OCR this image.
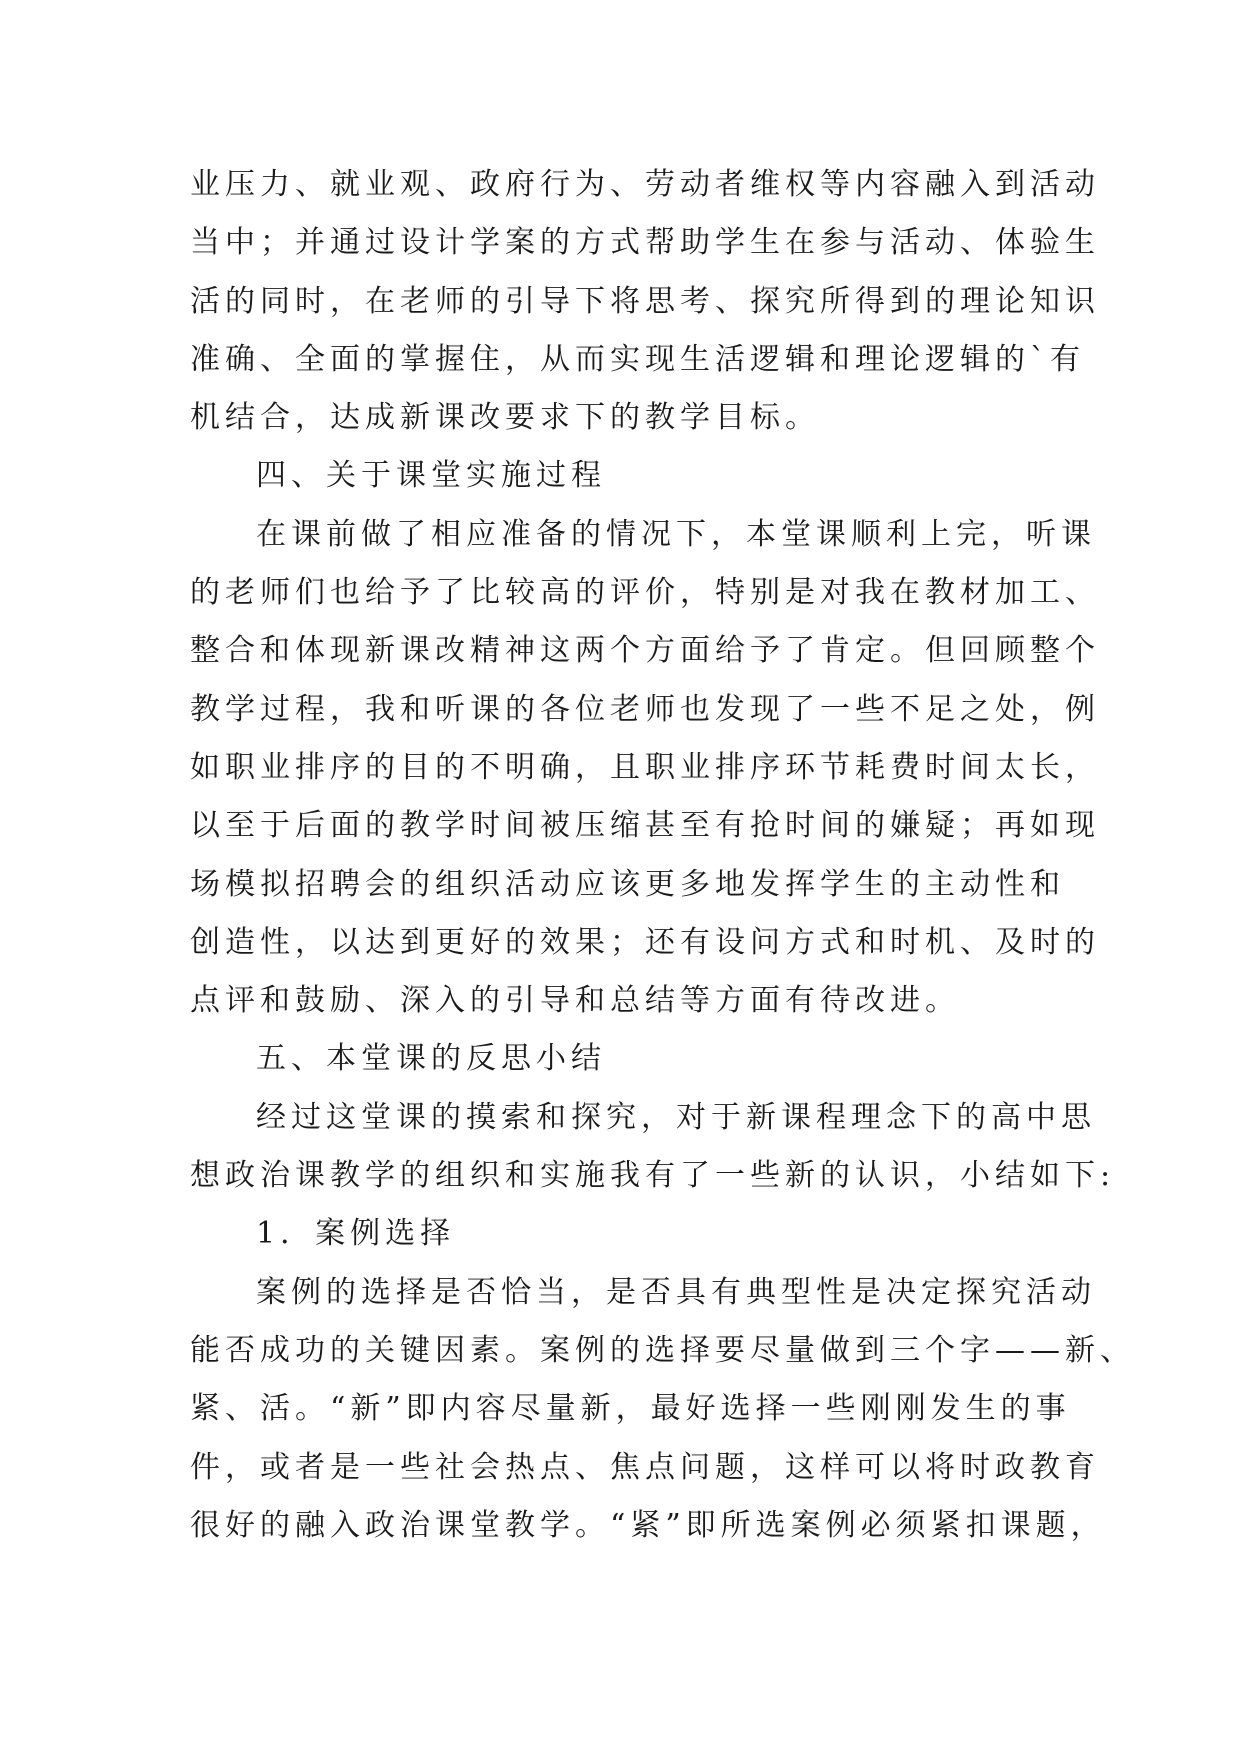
业压力、就业观、政府行为、劳动者维权等内容融入到活动
当中；并通过设计学案的方式帮助学生在参与活动、体验生
活的同时，在老师的引导下将思考、探究所得到的理论知识
准确、全面的掌握住，从而实现生活逻辑和理论逻辑的`有
机结合，达成新课改要求下的教学目标。
四、关于课堂实施过程
在课前做了相应准备的情况下，本堂课顺利上完，听课
的老师们也给予了比较高的评价，特别是对我在教材加工、
整合和体现新课改精神这两个方面给予了肯定。但回顾整个
教学过程，我和听课的各位老师也发现了一些不足之处，例
如职业排序的目的不明确，且职业排序环节耗费时间太长，
以至于后面的教学时间被压缩甚至有抢时间的嫌疑；再如现
场模拟招聘会的组织活动应该更多地发挥学生的主动性和
创造性，以达到更好的效果；还有设问方式和时机、及时的
点评和鼓励、深入的引导和总结等方面有待改进。
五、本堂课的反思小结
经过这堂课的摸索和探究，对于新课程理念下的高中思
想政治课教学的组织和实施我有了一些新的认识，小结如下:
1．案例选择
案例的选择是否恰当，是否具有典型性是决定探究活动
能否成功的关键因素。案例的选择要尽量做到三个字——新、
紧、活。“新”即内容尽量新，最好选择一些刚刚发生的事
件，或者是一些社会热点、焦点问题，这样可以将时政教育
很好的融入政治课堂教学。“紧”即所选案例必须紧扣课题，
